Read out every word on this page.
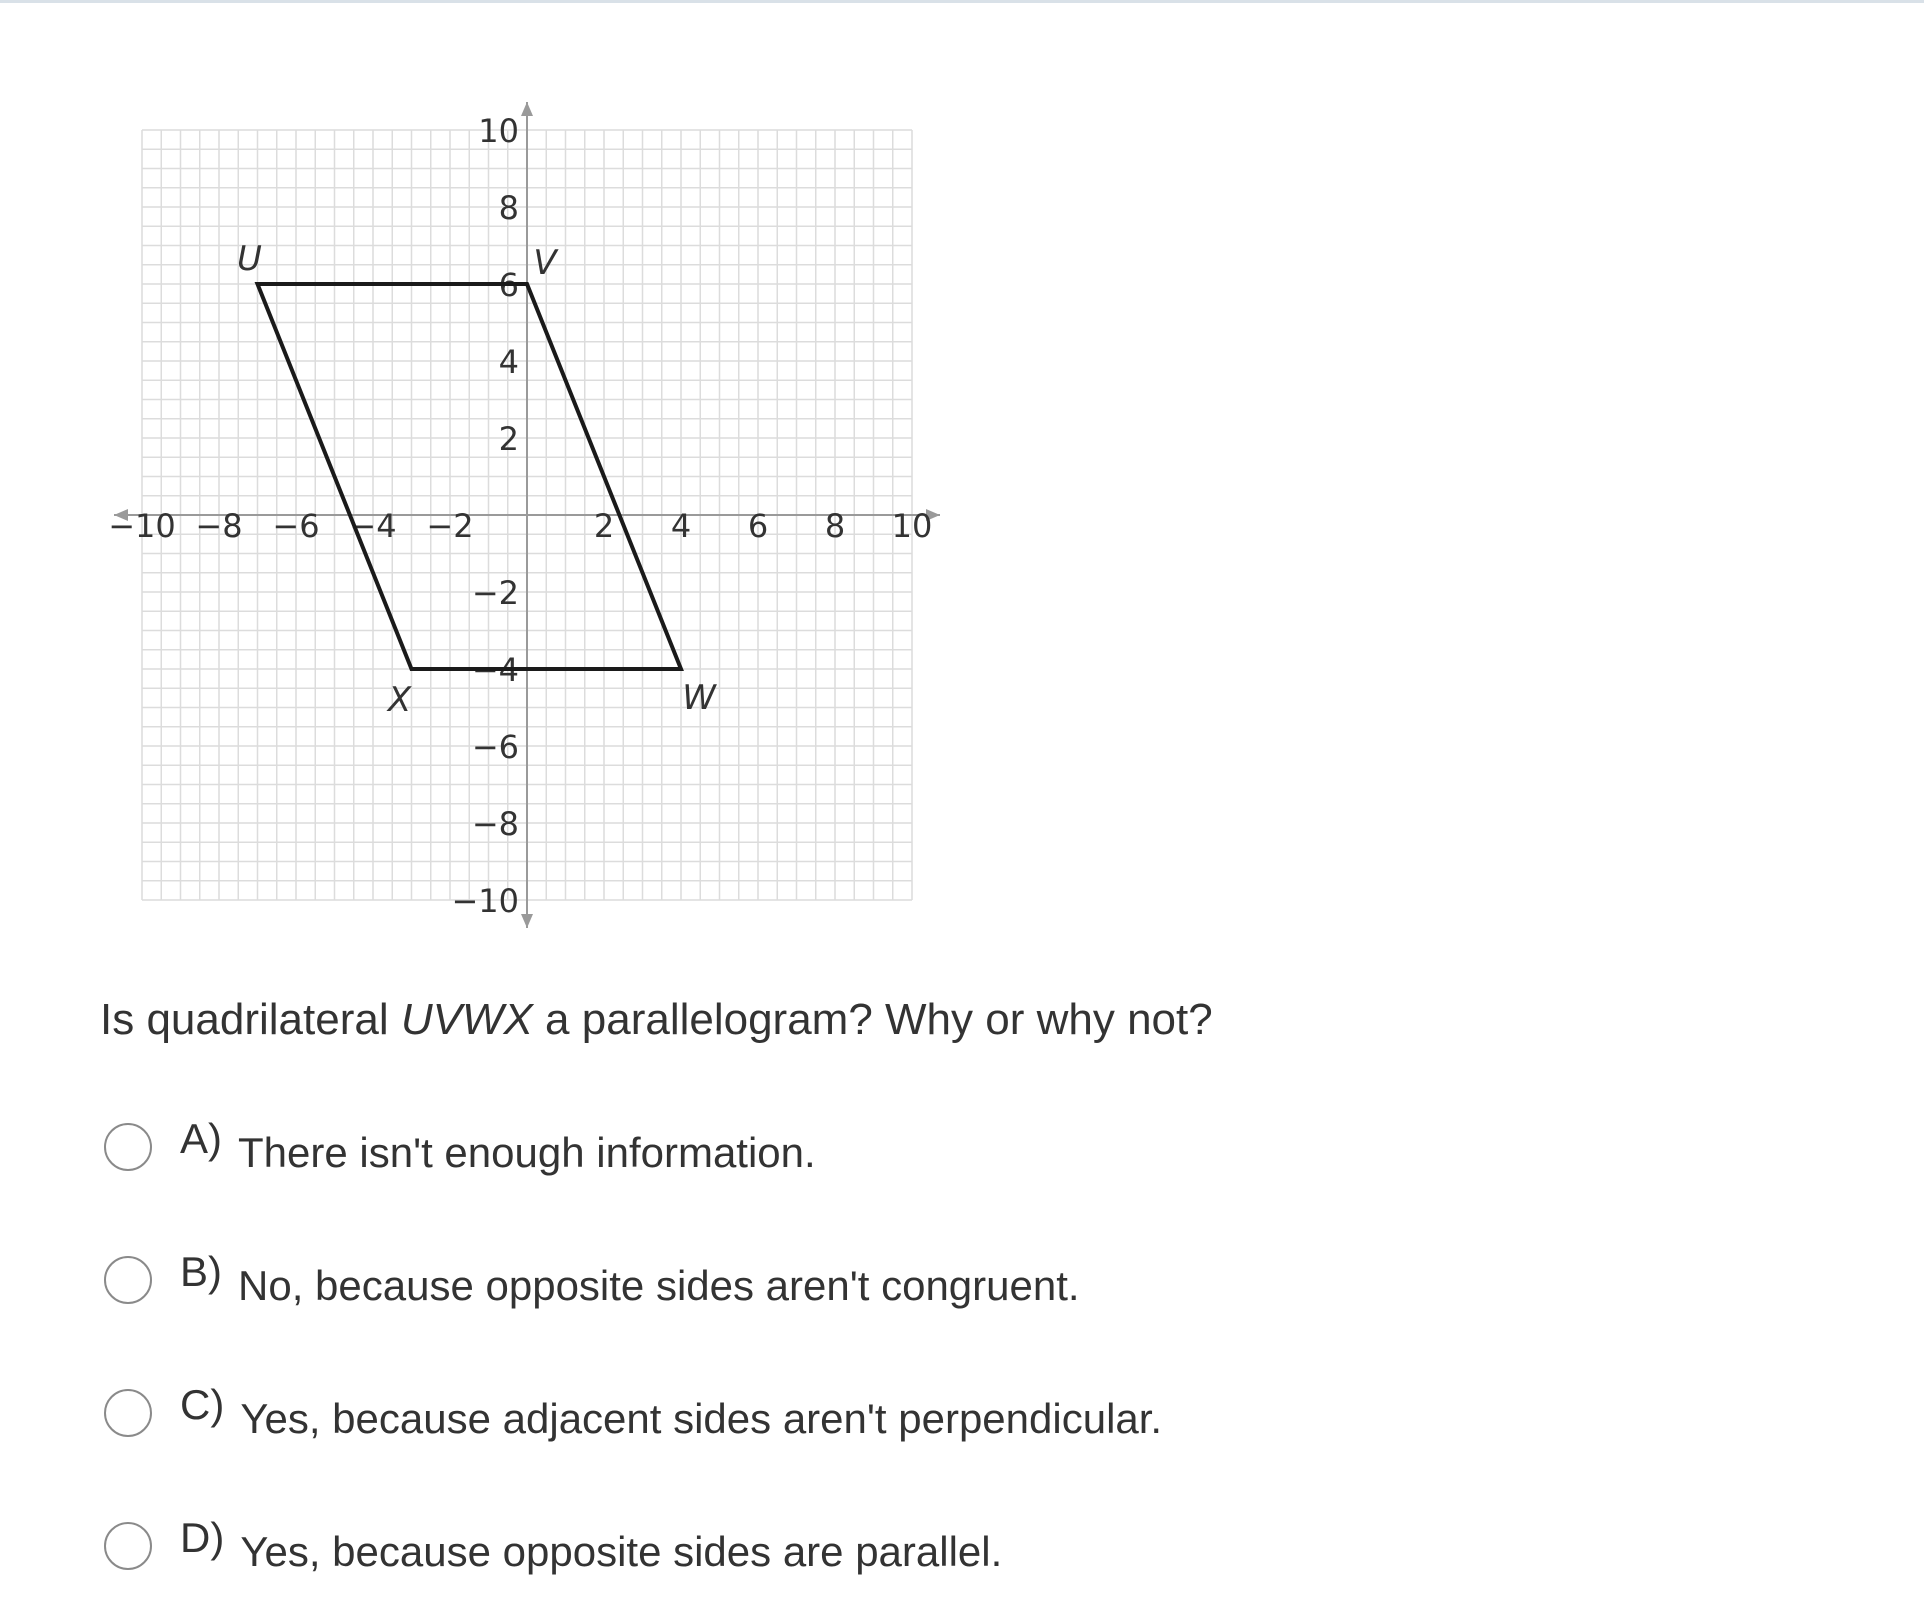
−10 −8 −6 −4 −2	2 4 6 8 10
10
8
6
4
2
−2
−4
−6
−8
−10
U	V
W
X
Is quadrilateral UVWX a parallelogram? Why or why not?
A) There isn't enough information.
B) No, because opposite sides aren't congruent.
C) Yes, because adjacent sides aren't perpendicular.
D) Yes, because opposite sides are parallel.
